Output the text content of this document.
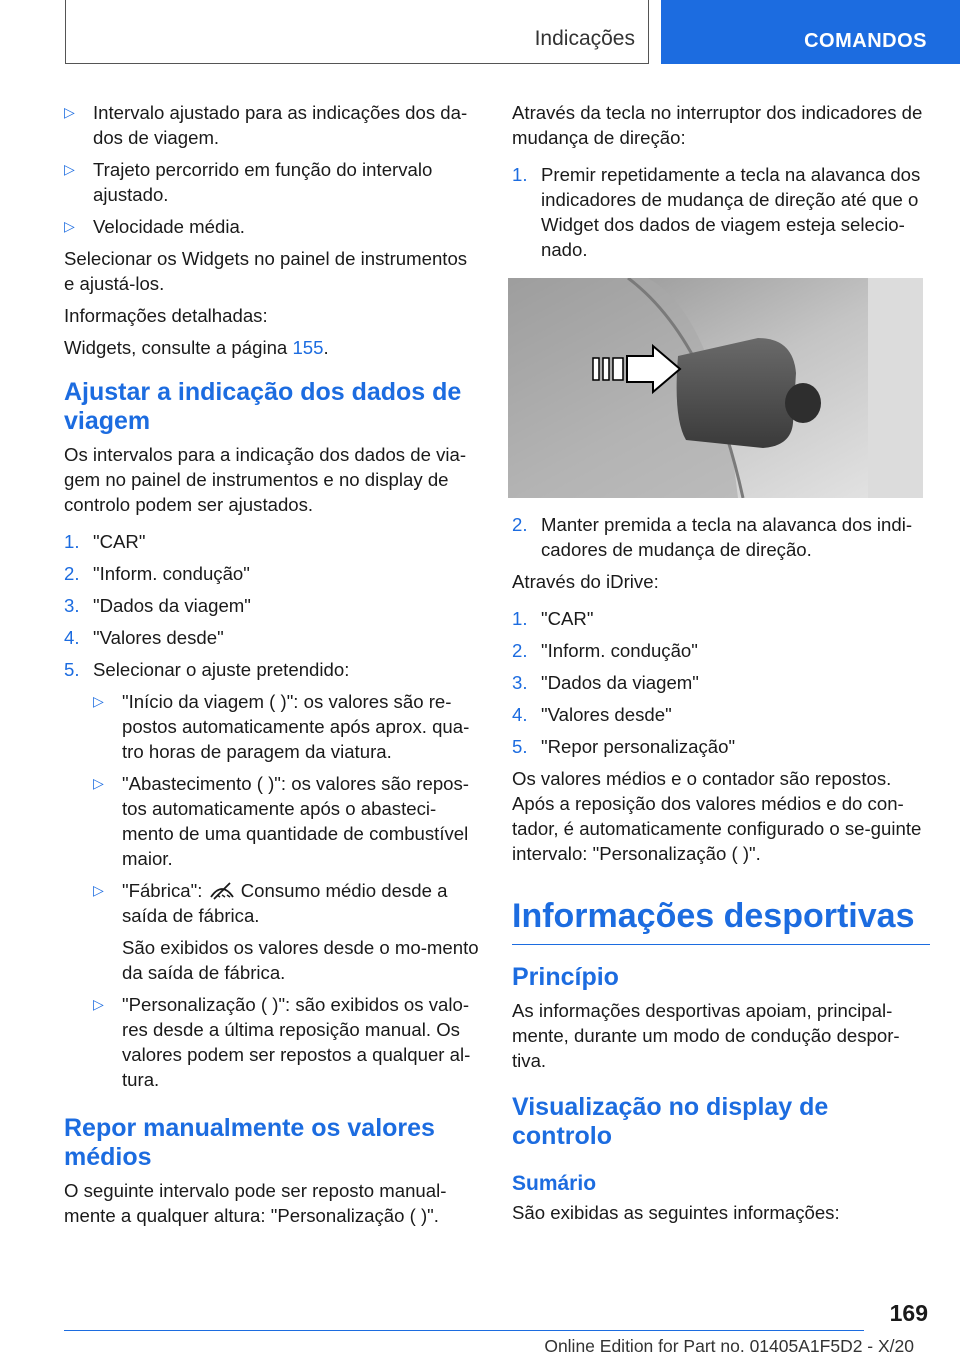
Indicações	COMANDOS
▷ Intervalo ajustado para as indicações dos da-dos de viagem.
▷ Trajeto percorrido em função do intervalo ajustado.
▷ Velocidade média.

Selecionar os Widgets no painel de instrumentos e ajustá-los.

Informações detalhadas:

Widgets, consulte a página 155.

Ajustar a indicação dos dados de viagem

Os intervalos para a indicação dos dados de via-gem no painel de instrumentos e no display de controlo podem ser ajustados.

1. "CAR"
2. "Inform. condução"
3. "Dados da viagem"
4. "Valores desde"
5. Selecionar o ajuste pretendido:
▷ "Início da viagem ( )": os valores são re-postos automaticamente após aprox. qua-tro horas de paragem da viatura.
▷ "Abastecimento ( )": os valores são repos-tos automaticamente após o abasteci-mento de uma quantidade de combustível maior.
▷ "Fábrica":  Consumo médio desde a saída de fábrica.
São exibidos os valores desde o mo-mento da saída de fábrica.
▷ "Personalização ( )": são exibidos os valo-res desde a última reposição manual. Os valores podem ser repostos a qualquer al-tura.
Repor manualmente os valores médios

O seguinte intervalo pode ser reposto manual-mente a qualquer altura: "Personalização ( )".

Através da tecla no interruptor dos indicadores de mudança de direção:

1. Premir repetidamente a tecla na alavanca dos indicadores de mudança de direção até que o Widget dos dados de viagem esteja selecio-nado.
2. Manter premida a tecla na alavanca dos indi-cadores de mudança de direção.

Através do iDrive:

1. "CAR"
2. "Inform. condução"
3. "Dados da viagem"
4. "Valores desde"
5. "Repor personalização"

Os valores médios e o contador são repostos. Após a reposição dos valores médios e do con-tador, é automaticamente configurado o se-guinte intervalo: "Personalização ( )".

Informações desportivas
Princípio

As informações desportivas apoiam, principal-mente, durante um modo de condução despor-tiva.

Visualização no display de controlo
Sumário

São exibidas as seguintes informações:

169
Online Edition for Part no. 01405A1F5D2 - X/20
